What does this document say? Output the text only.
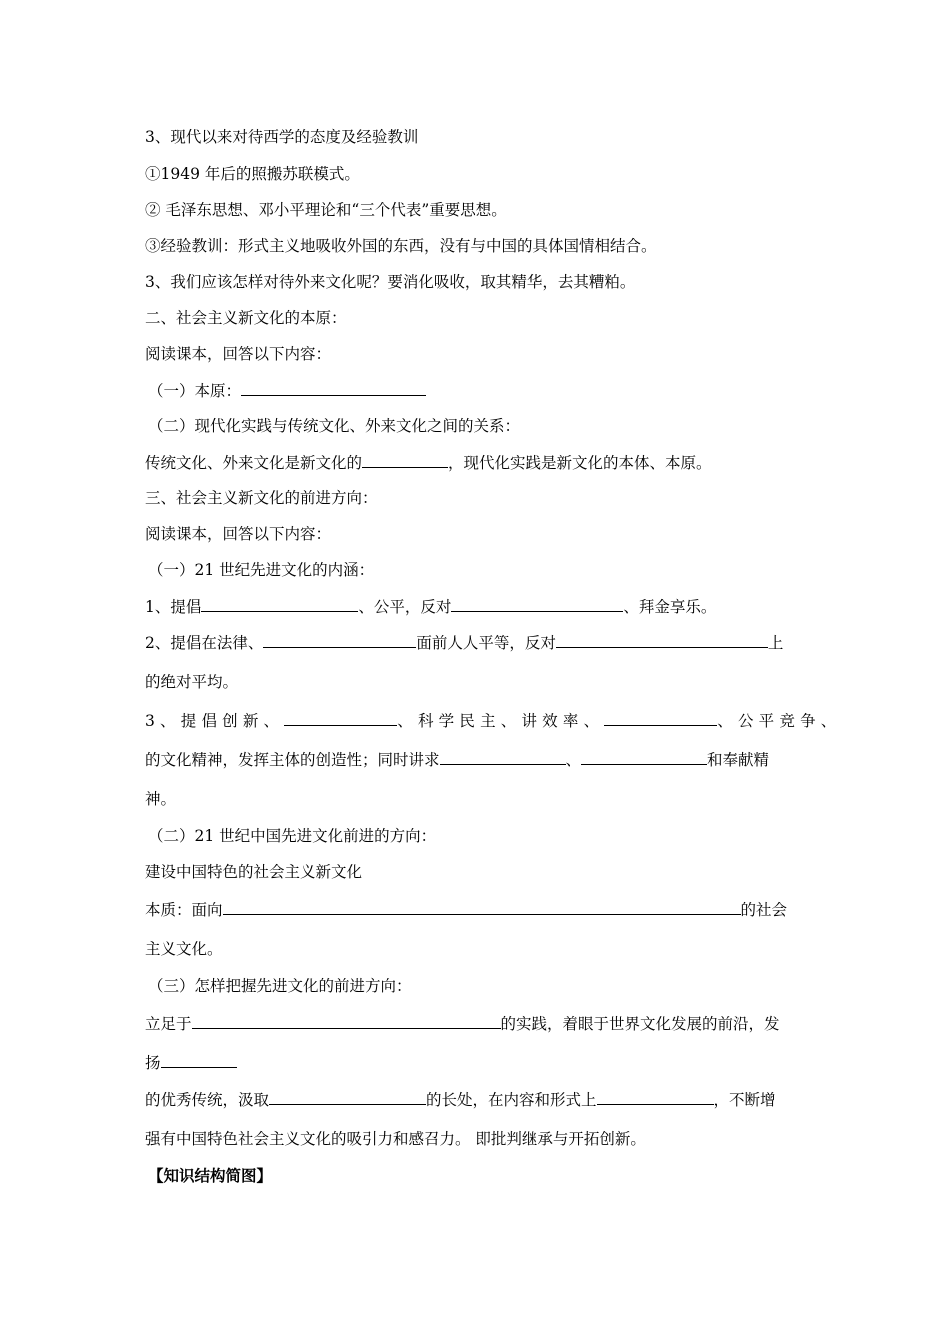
3、现代以来对待西学的态度及经验教训
①1949 年后的照搬苏联模式。
② 毛泽东思想、邓小平理论和“三个代表”重要思想。
③经验教训：形式主义地吸收外国的东西，没有与中国的具体国情相结合。
3、我们应该怎样对待外来文化呢？要消化吸收，取其精华，去其糟粕。
二、社会主义新文化的本原：
阅读课本，回答以下内容：
（一）本原：
（二）现代化实践与传统文化、外来文化之间的关系：
传统文化、外来文化是新文化的	，现代化实践是新文化的本体、本原。
三、社会主义新文化的前进方向：
阅读课本，回答以下内容：
（一）21 世纪先进文化的内涵：
1、提倡	、公平，反对	、拜金享乐。
2、提倡在法律、	面前人人平等，反对	上
的绝对平均。
3、提倡创新、	、科学民主、讲效率、	、公平竞争、
的文化精神，发挥主体的创造性；同时讲求	、	和奉献精
神。
（二）21 世纪中国先进文化前进的方向：
建设中国特色的社会主义新文化
本质：面向	的社会
主义文化。
（三）怎样把握先进文化的前进方向：
立足于	的实践，着眼于世界文化发展的前沿，发
扬
的优秀传统，汲取	的长处，在内容和形式上	，不断增
强有中国特色社会主义文化的吸引力和感召力。 即批判继承与开拓创新。
【知识结构简图】
